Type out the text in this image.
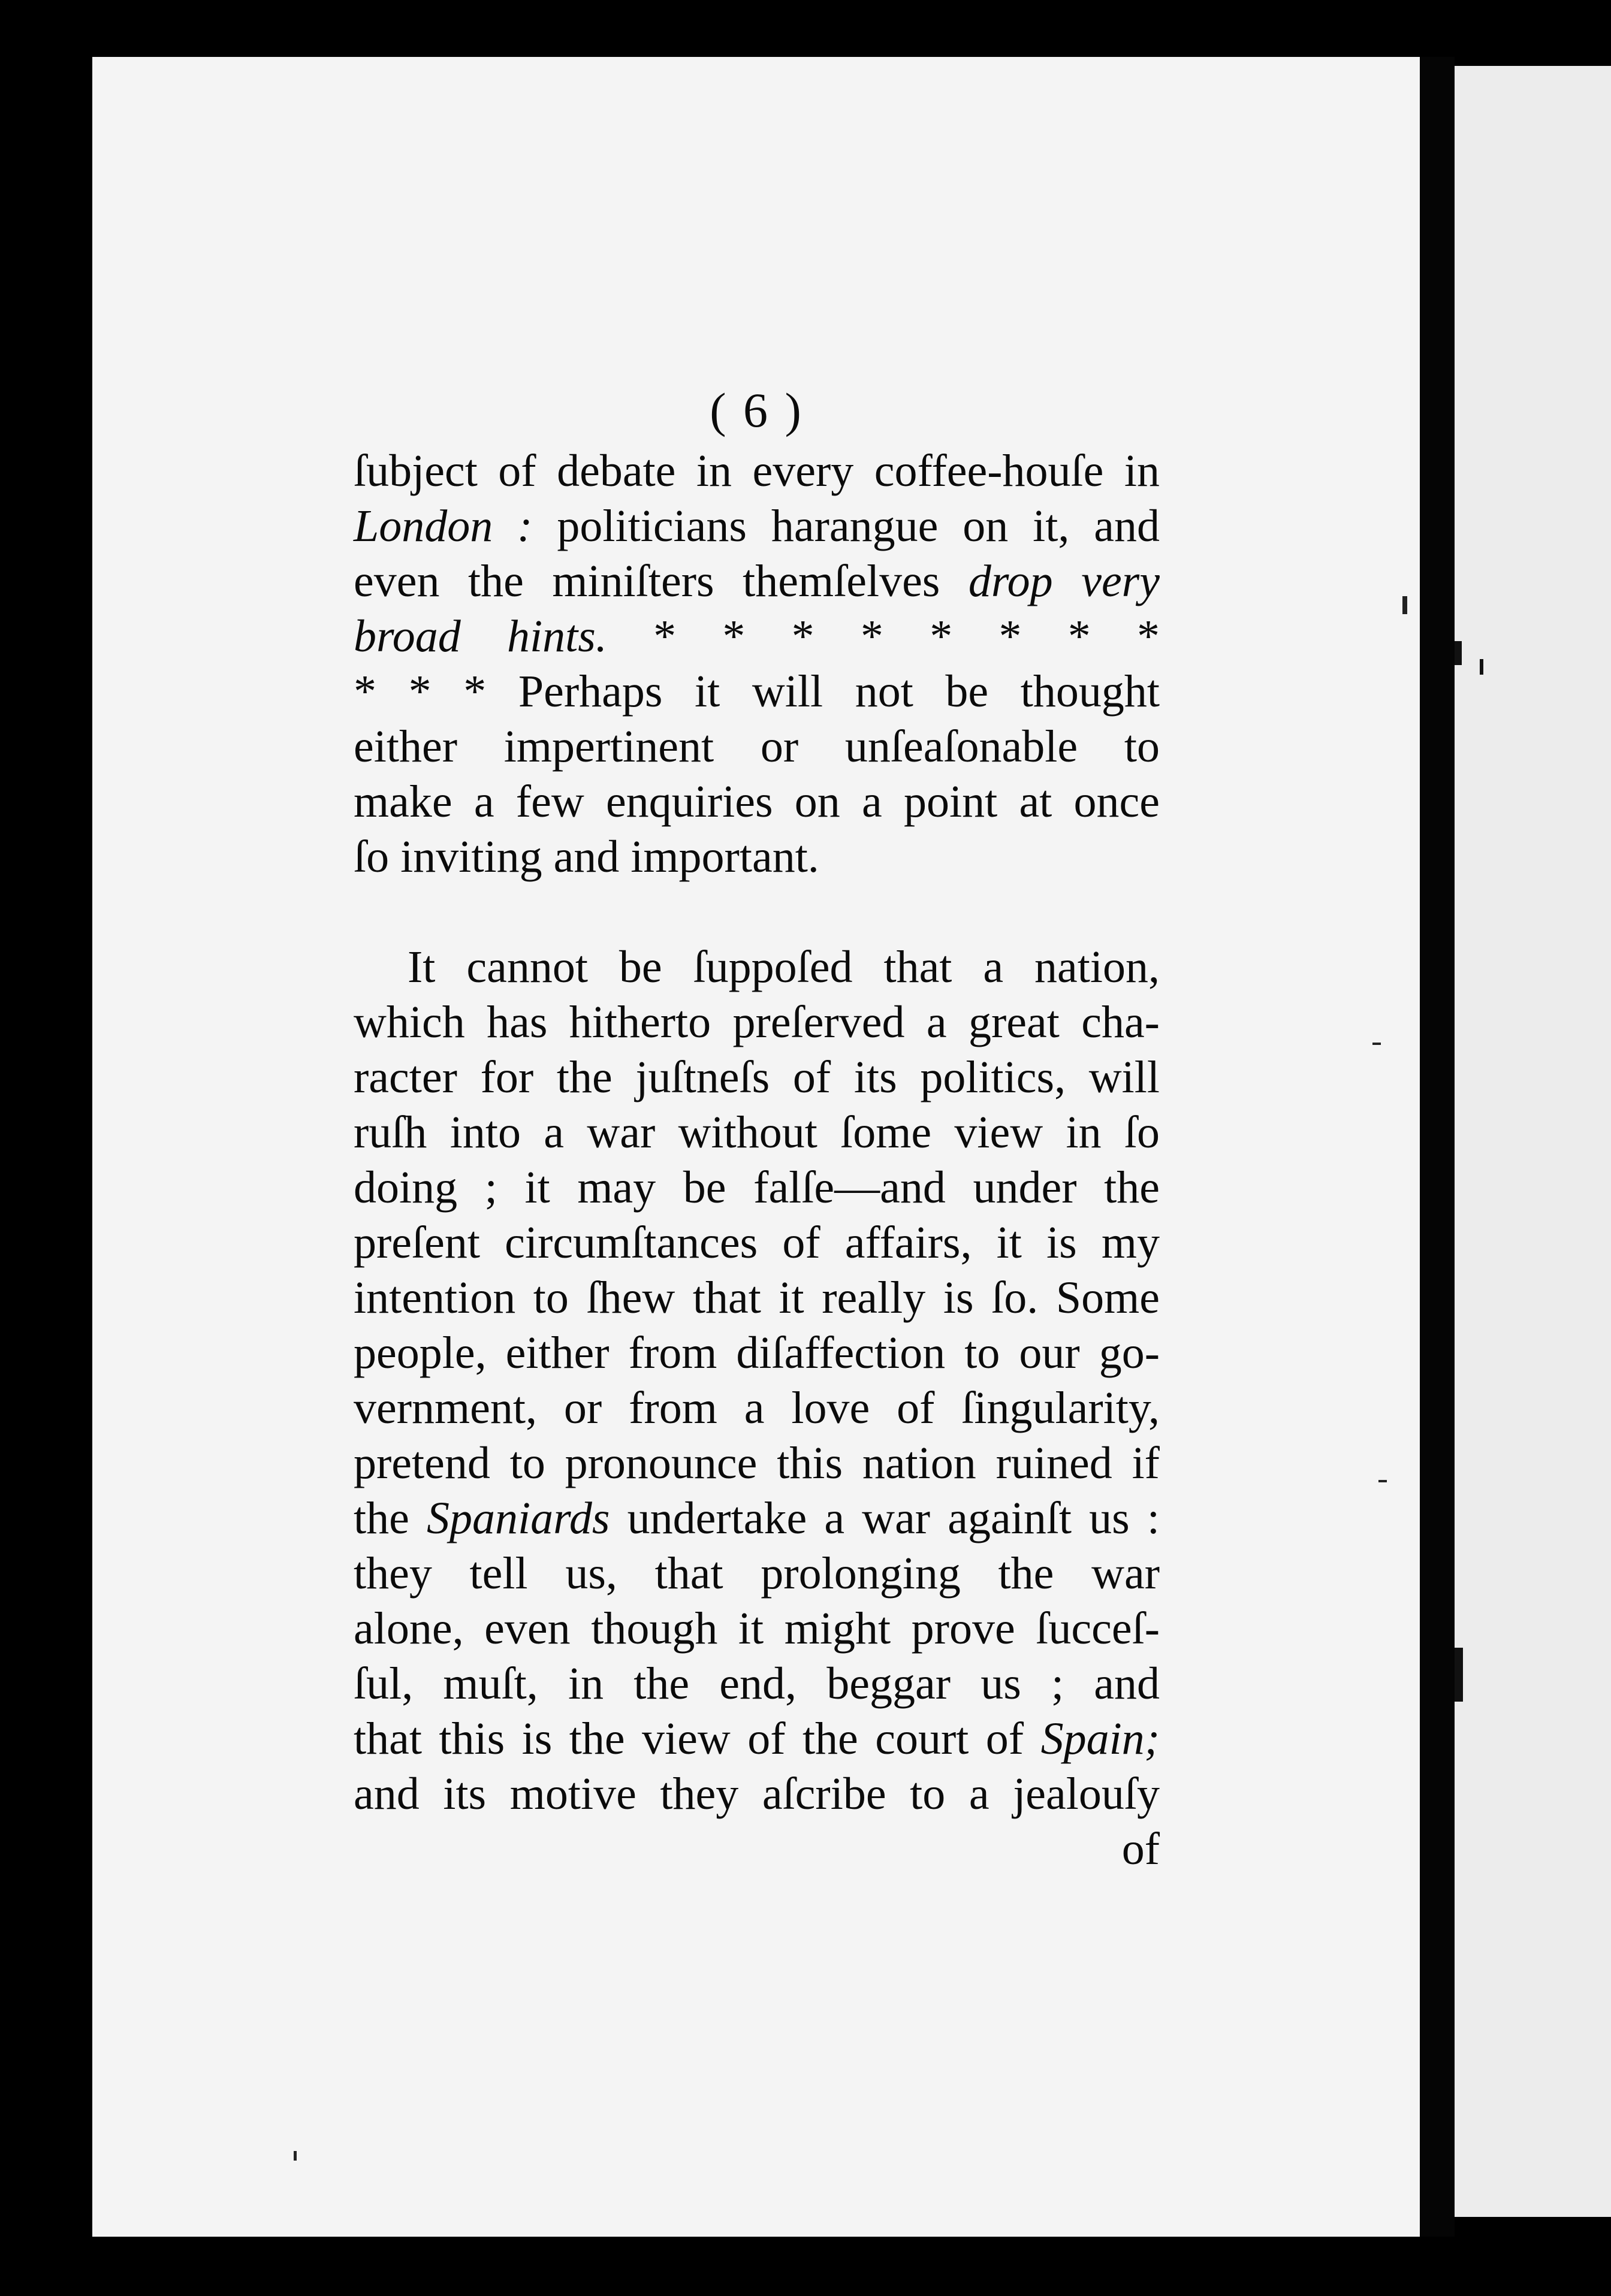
( 6 )
ſubject of debate in every coffee-houſe in
London : politicians harangue on it, and
even the miniſters themſelves drop very
broad hints. * * * * * * * *
* * * Perhaps it will not be thought
either impertinent or unſeaſonable to
make a few enquiries on a point at once
ſo inviting and important.
It cannot be ſuppoſed that a nation,
which has hitherto preſerved a great cha-
racter for the juſtneſs of its politics, will
ruſh into a war without ſome view in ſo
doing ; it may be falſe—and under the
preſent circumſtances of affairs, it is my
intention to ſhew that it really is ſo. Some
people, either from diſaffection to our go-
vernment, or from a love of ſingularity,
pretend to pronounce this nation ruined if
the Spaniards undertake a war againſt us :
they tell us, that prolonging the war
alone, even though it might prove ſucceſ-
ſul, muſt, in the end, beggar us ; and
that this is the view of the court of Spain;
and its motive they aſcribe to a jealouſy
of
